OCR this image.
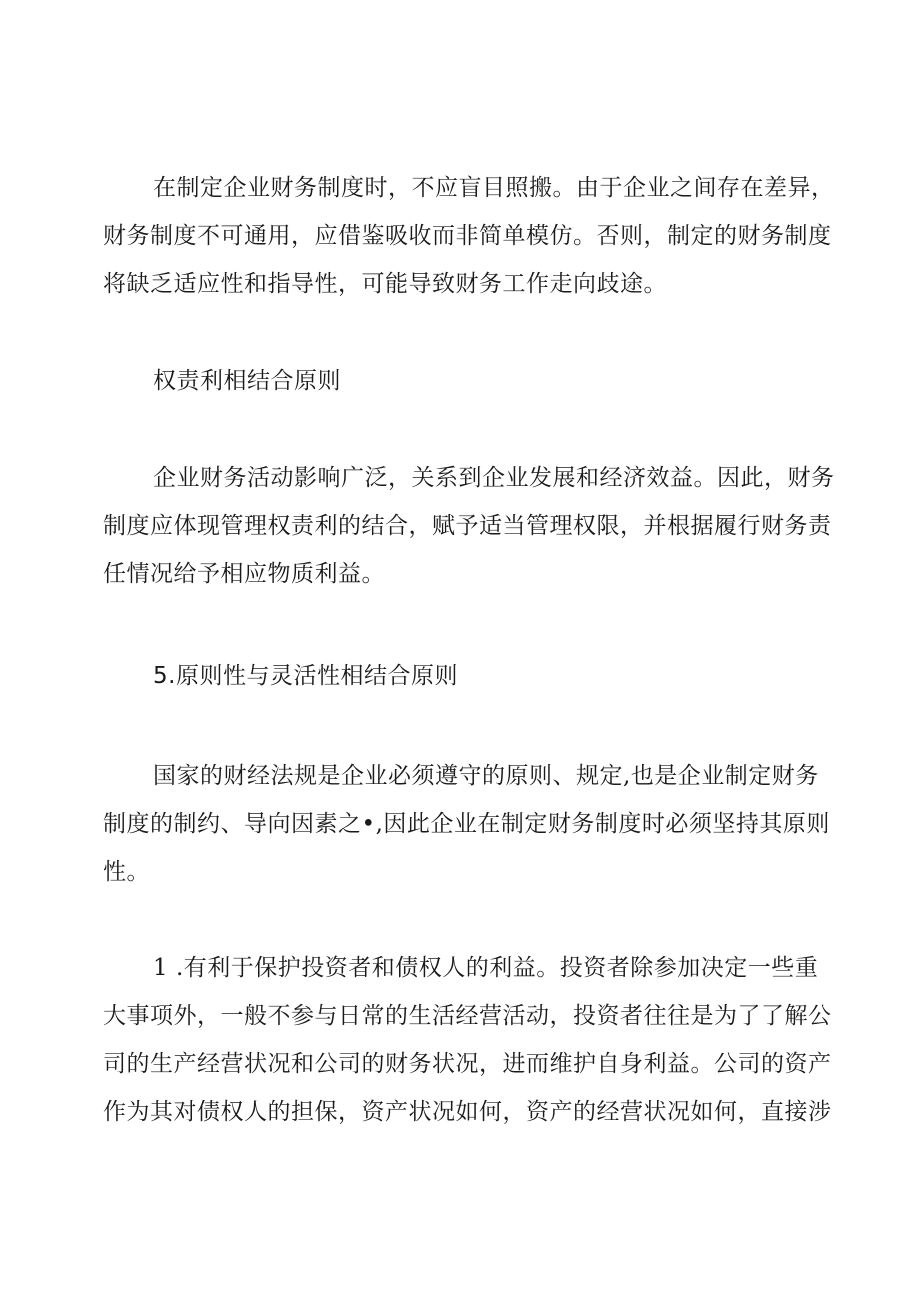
在制定企业财务制度时，不应盲目照搬。由于企业之间存在差异，
财务制度不可通用，应借鉴吸收而非简单模仿。否则，制定的财务制度
将缺乏适应性和指导性，可能导致财务工作走向歧途。
权责利相结合原则
企业财务活动影响广泛，关系到企业发展和经济效益。因此，财务
制度应体现管理权责利的结合，赋予适当管理权限，并根据履行财务责
任情况给予相应物质利益。
5.原则性与灵活性相结合原则
国家的财经法规是企业必须遵守的原则、规定,也是企业制定财务
制度的制约、导向因素之•,因此企业在制定财务制度时必须坚持其原则
性。
1 .有利于保护投资者和债权人的利益。投资者除参加决定一些重
大事项外，一般不参与日常的生活经营活动，投资者往往是为了了解公
司的生产经营状况和公司的财务状况，进而维护自身利益。公司的资产
作为其对债权人的担保，资产状况如何，资产的经营状况如何，直接涉
